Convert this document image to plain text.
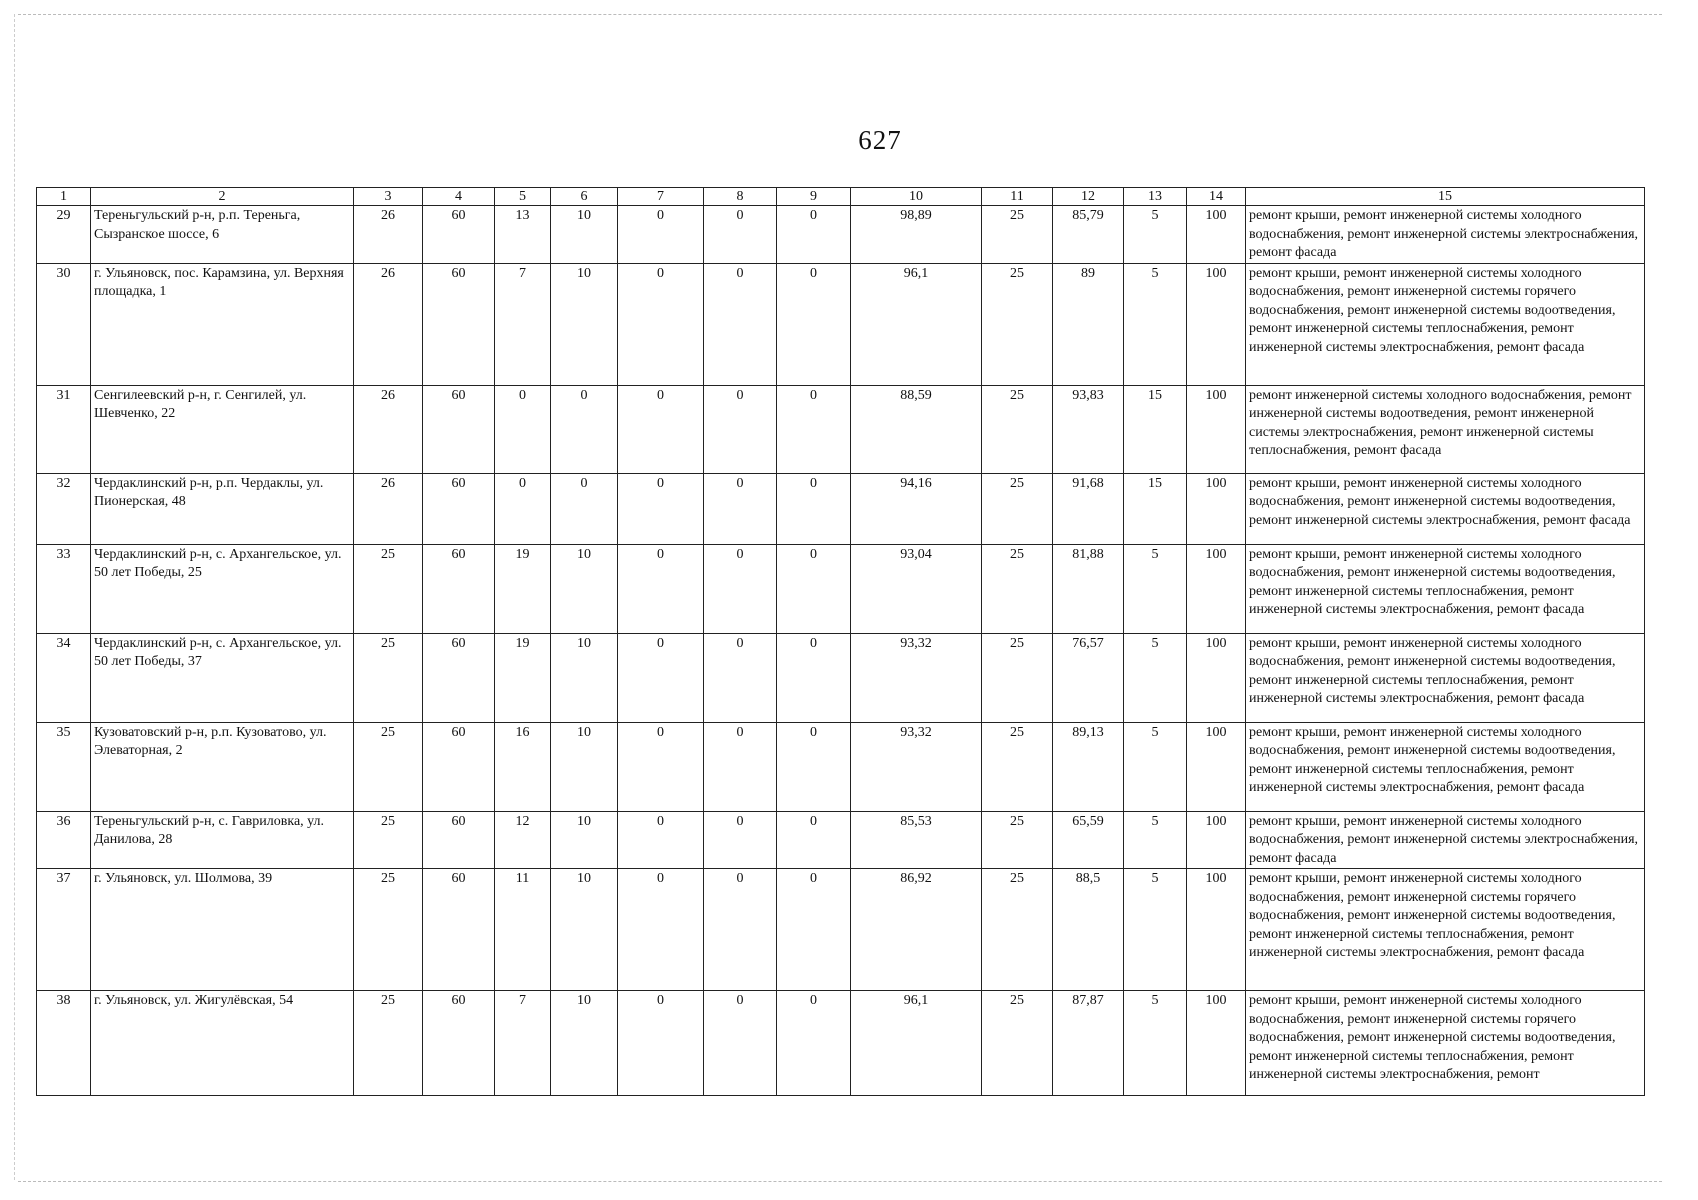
627
1	2	3	4	5	6	7	8	9	10	11	12	13	14	15
29	Тереньгульский р-н, р.п. Тереньга, Сызранское шоссе, 6	26	60	13	10	0	0	0	98,89	25	85,79	5	100	ремонт крыши, ремонт инженерной системы холодного водоснабжения, ремонт инженерной системы электроснабжения, ремонт фасада
30	г. Ульяновск, пос. Карамзина, ул. Верхняя площадка, 1	26	60	7	10	0	0	0	96,1	25	89	5	100	ремонт крыши, ремонт инженерной системы холодного водоснабжения, ремонт инженерной системы горячего водоснабжения, ремонт инженерной системы водоотведения, ремонт инженерной системы теплоснабжения, ремонт инженерной системы электроснабжения, ремонт фасада
31	Сенгилеевский р-н, г. Сенгилей, ул. Шевченко, 22	26	60	0	0	0	0	0	88,59	25	93,83	15	100	ремонт инженерной системы холодного водоснабжения, ремонт инженерной системы водоотведения, ремонт инженерной системы электроснабжения, ремонт инженерной системы теплоснабжения, ремонт фасада
32	Чердаклинский р-н, р.п. Чердаклы, ул. Пионерская, 48	26	60	0	0	0	0	0	94,16	25	91,68	15	100	ремонт крыши, ремонт инженерной системы холодного водоснабжения, ремонт инженерной системы водоотведения, ремонт инженерной системы электроснабжения, ремонт фасада
33	Чердаклинский р-н, с. Архангельское, ул. 50 лет Победы, 25	25	60	19	10	0	0	0	93,04	25	81,88	5	100	ремонт крыши, ремонт инженерной системы холодного водоснабжения, ремонт инженерной системы водоотведения, ремонт инженерной системы теплоснабжения, ремонт инженерной системы электроснабжения, ремонт фасада
34	Чердаклинский р-н, с. Архангельское, ул. 50 лет Победы, 37	25	60	19	10	0	0	0	93,32	25	76,57	5	100	ремонт крыши, ремонт инженерной системы холодного водоснабжения, ремонт инженерной системы водоотведения, ремонт инженерной системы теплоснабжения, ремонт инженерной системы электроснабжения, ремонт фасада
35	Кузоватовский р-н, р.п. Кузоватово, ул. Элеваторная, 2	25	60	16	10	0	0	0	93,32	25	89,13	5	100	ремонт крыши, ремонт инженерной системы холодного водоснабжения, ремонт инженерной системы водоотведения, ремонт инженерной системы теплоснабжения, ремонт инженерной системы электроснабжения, ремонт фасада
36	Тереньгульский р-н, с. Гавриловка, ул. Данилова, 28	25	60	12	10	0	0	0	85,53	25	65,59	5	100	ремонт крыши, ремонт инженерной системы холодного водоснабжения, ремонт инженерной системы электроснабжения, ремонт фасада
37	г. Ульяновск, ул. Шолмова, 39	25	60	11	10	0	0	0	86,92	25	88,5	5	100	ремонт крыши, ремонт инженерной системы холодного водоснабжения, ремонт инженерной системы горячего водоснабжения, ремонт инженерной системы водоотведения, ремонт инженерной системы теплоснабжения, ремонт инженерной системы электроснабжения, ремонт фасада
38	г. Ульяновск, ул. Жигулёвская, 54	25	60	7	10	0	0	0	96,1	25	87,87	5	100	ремонт крыши, ремонт инженерной системы холодного водоснабжения, ремонт инженерной системы горячего водоснабжения, ремонт инженерной системы водоотведения, ремонт инженерной системы теплоснабжения, ремонт инженерной системы электроснабжения, ремонт
